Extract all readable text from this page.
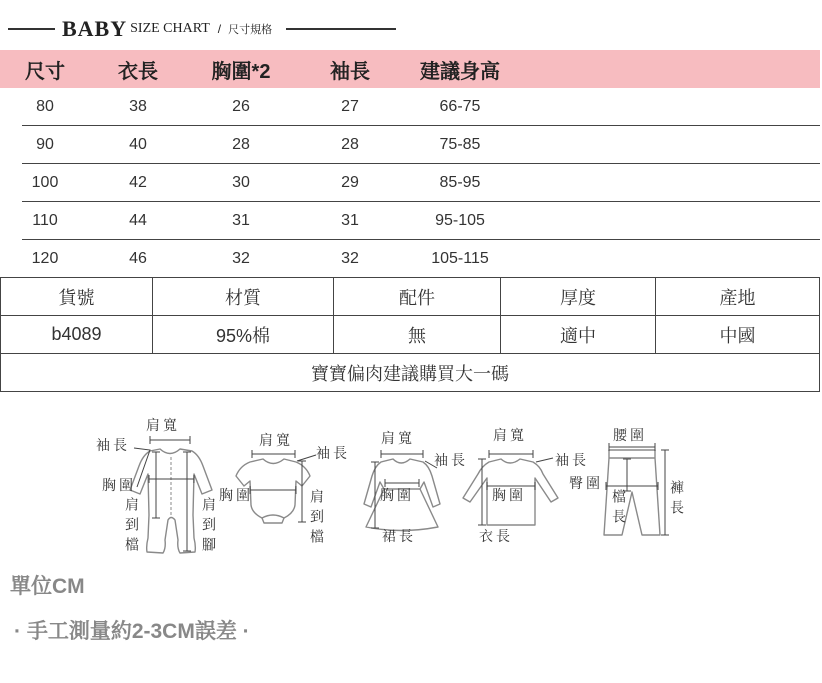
BABY SIZE CHART / 尺寸規格
尺寸	衣長	胸圍*2	袖長	建議身高
80	38	26	27	66-75
90	40	28	28	75-85
100	42	30	29	85-95
110	44	31	31	95-105
120	46	32	32	105-115
貨號	材質	配件	厚度	產地
b4089	95%棉	無	適中	中國
寶寶偏肉建議購買大一碼
肩寬
袖長
胸圍
肩到檔	肩到腳
肩寬
袖長
胸圍	肩到檔
肩寬
袖長
胸圍
裙長
肩寬
袖長
胸圍
衣長
腰圍
臀圍
檔長	褲長
單位CM
· 手工測量約2-3CM誤差 ·
